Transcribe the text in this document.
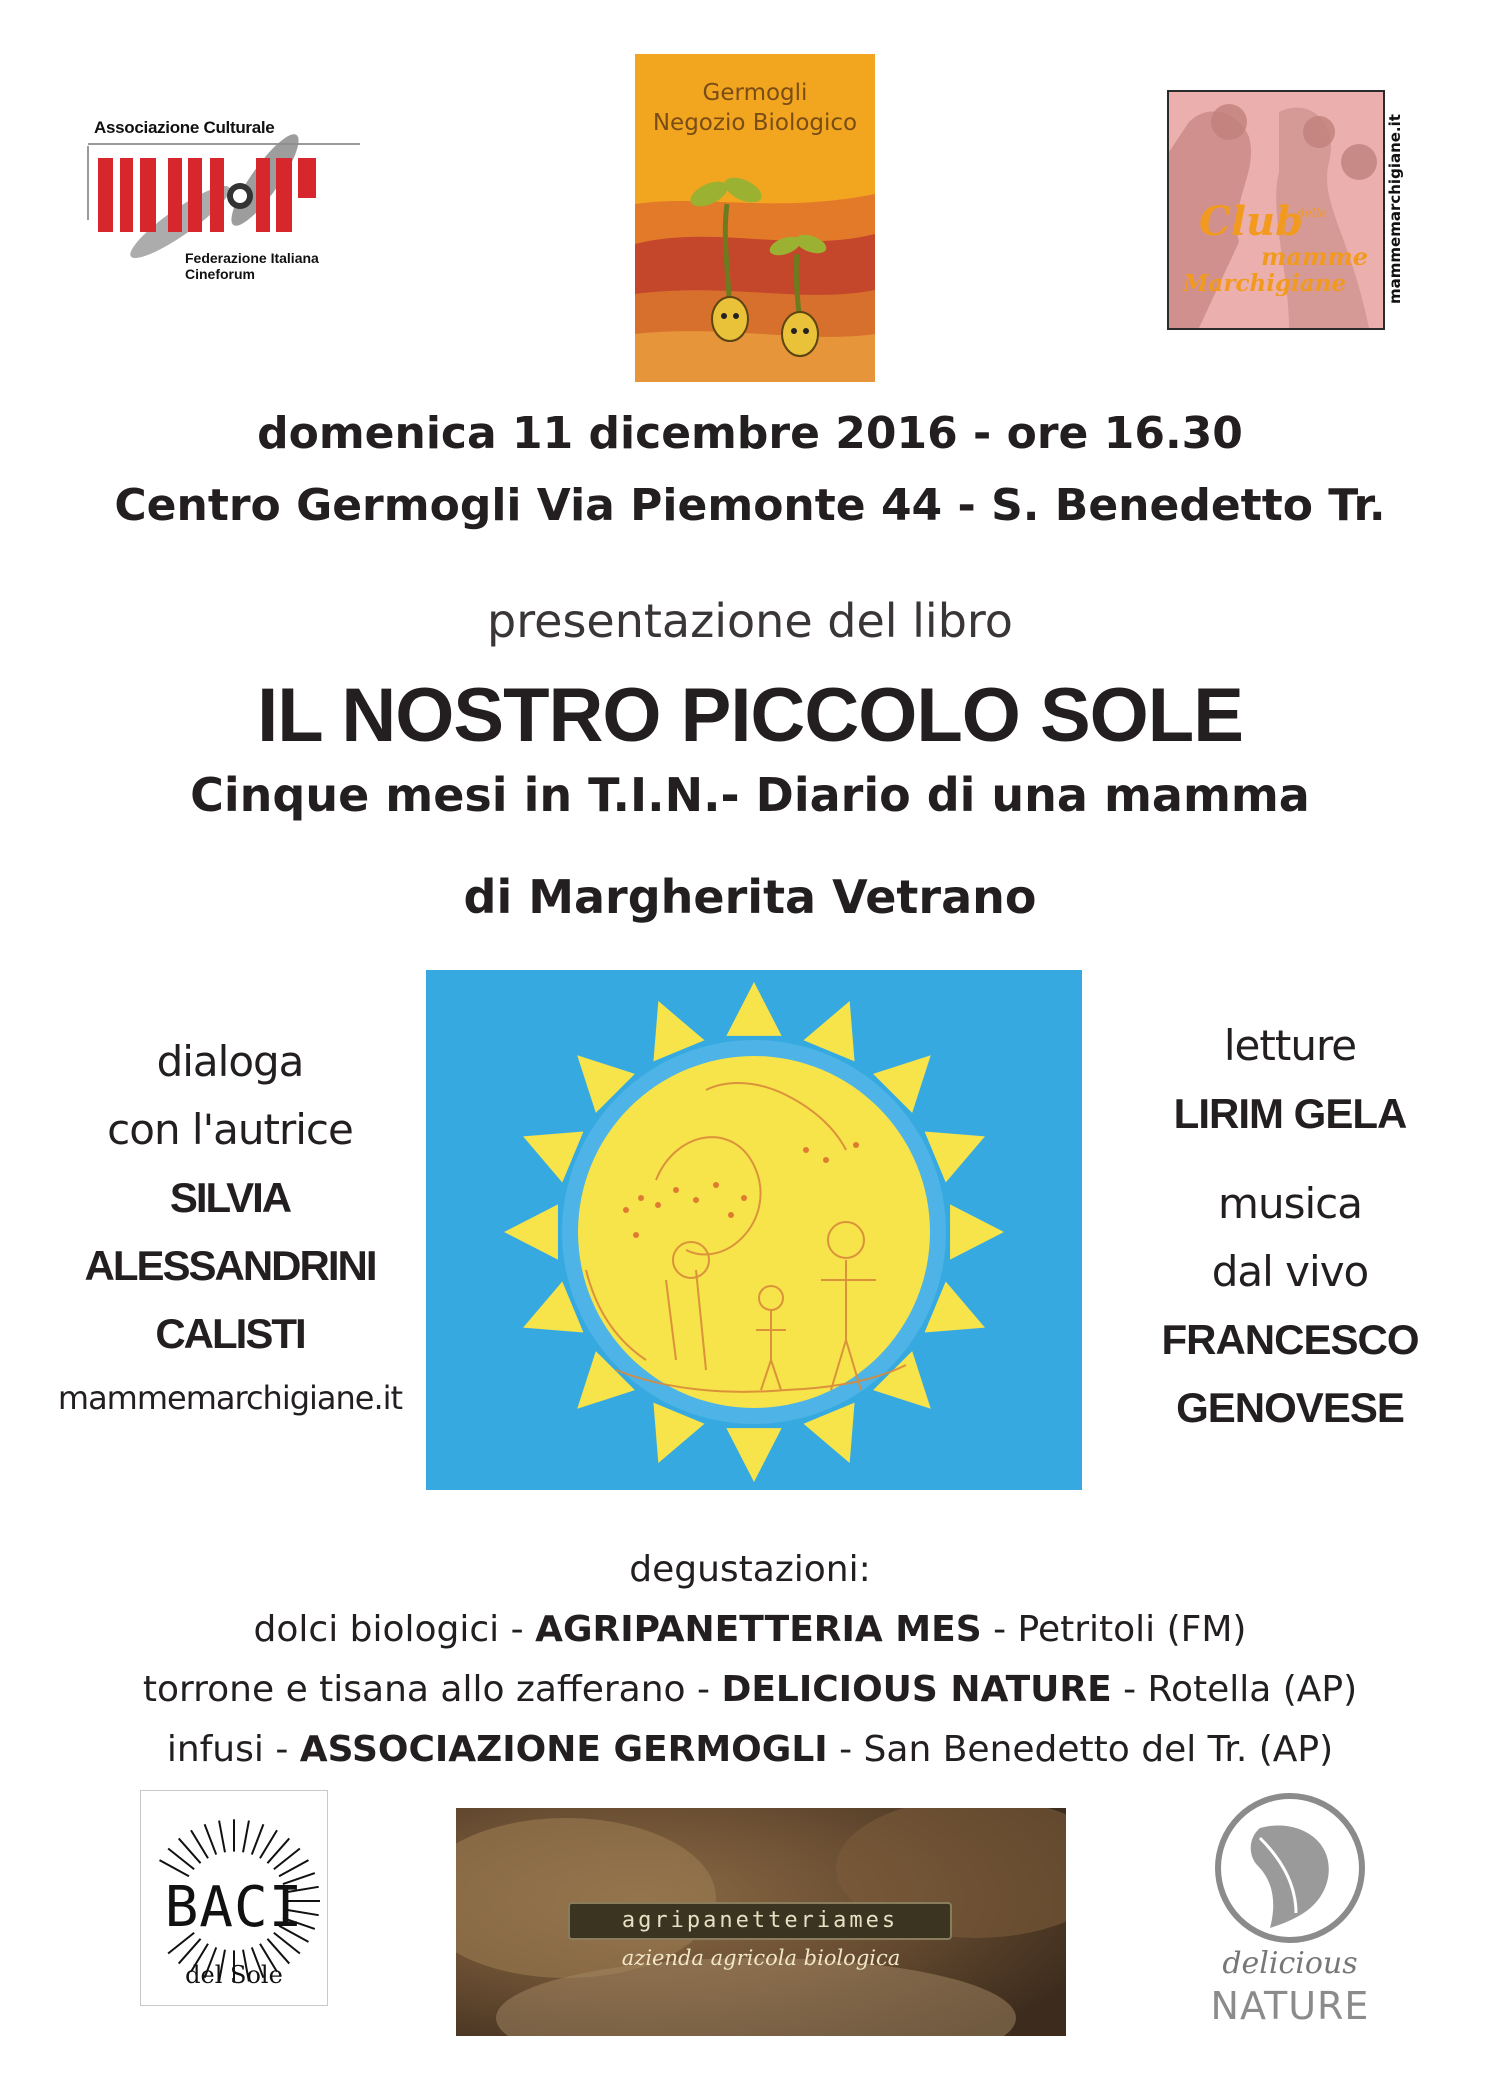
Associazione Culturale
Federazione Italiana Cineforum
Germogli
Negozio Biologico
Club
delle
mamme
Marchigiane	mammemarchigiane.it
domenica 11 dicembre 2016 - ore 16.30
Centro Germogli Via Piemonte 44 - S. Benedetto Tr.
presentazione del libro
IL NOSTRO PICCOLO SOLE
Cinque mesi in T.I.N.- Diario di una mamma
di Margherita Vetrano
dialoga
con l'autrice
SILVIA
ALESSANDRINI
CALISTI
mammemarchigiane.it
letture
LIRIM GELA
musica
dal vivo
FRANCESCO
GENOVESE
degustazioni:
dolci biologici - AGRIPANETTERIA MES - Petritoli (FM)
torrone e tisana allo zafferano - DELICIOUS NATURE - Rotella (AP)
infusi - ASSOCIAZIONE GERMOGLI - San Benedetto del Tr. (AP)
BACI
del Sole
agripanetteriames
azienda agricola biologica	delicious
NATURE
